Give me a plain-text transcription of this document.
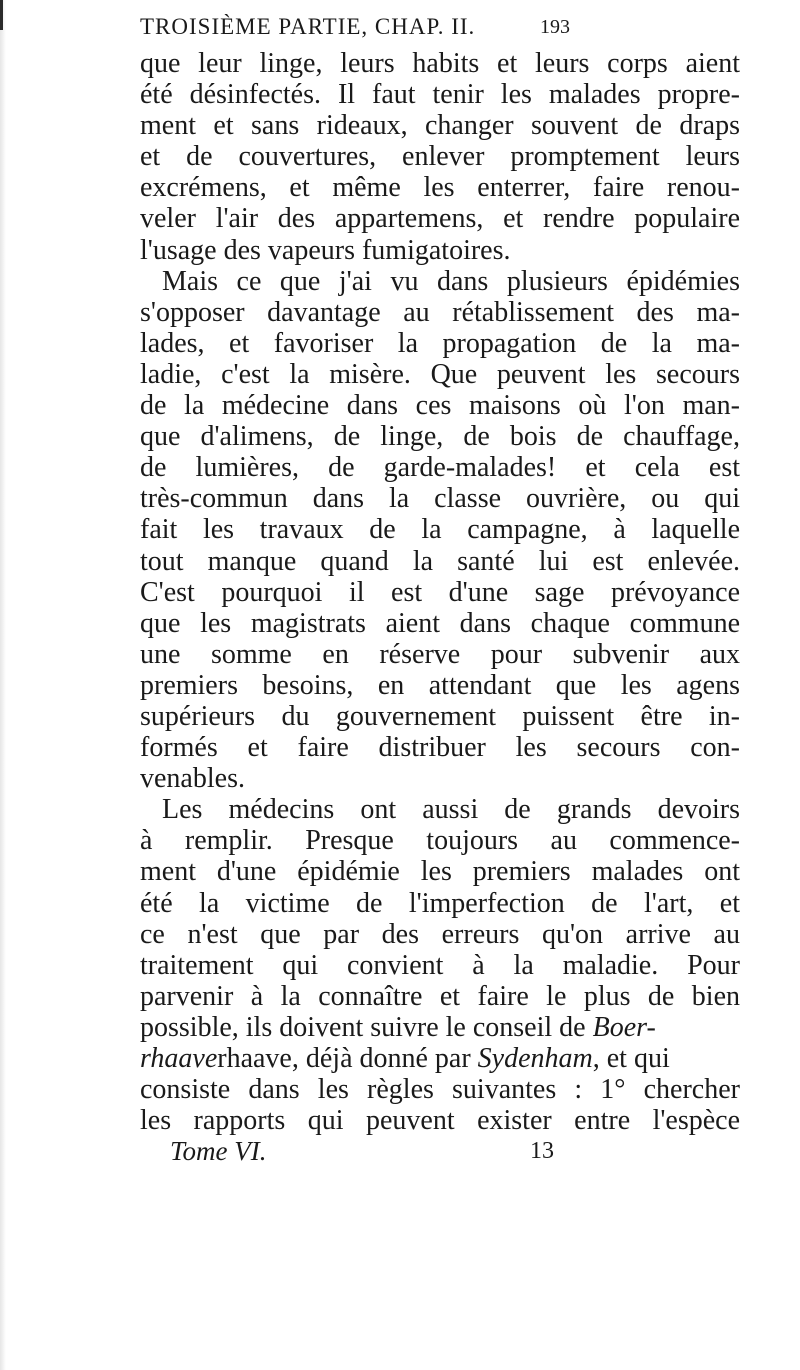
TROISIÈME PARTIE, CHAP. II.	193
que leur linge, leurs habits et leurs corps aient
été désinfectés. Il faut tenir les malades propre-
ment et sans rideaux, changer souvent de draps
et de couvertures, enlever promptement leurs
excrémens, et même les enterrer, faire renou-
veler l'air des appartemens, et rendre populaire
l'usage des vapeurs fumigatoires.
Mais ce que j'ai vu dans plusieurs épidémies
s'opposer davantage au rétablissement des ma-
lades, et favoriser la propagation de la ma-
ladie, c'est la misère. Que peuvent les secours
de la médecine dans ces maisons où l'on man-
que d'alimens, de linge, de bois de chauffage,
de lumières, de garde-malades! et cela est
très-commun dans la classe ouvrière, ou qui
fait les travaux de la campagne, à laquelle
tout manque quand la santé lui est enlevée.
C'est pourquoi il est d'une sage prévoyance
que les magistrats aient dans chaque commune
une somme en réserve pour subvenir aux
premiers besoins, en attendant que les agens
supérieurs du gouvernement puissent être in-
formés et faire distribuer les secours con-
venables.
Les médecins ont aussi de grands devoirs
à remplir. Presque toujours au commence-
ment d'une épidémie les premiers malades ont
été la victime de l'imperfection de l'art, et
ce n'est que par des erreurs qu'on arrive au
traitement qui convient à la maladie. Pour
parvenir à la connaître et faire le plus de bien
possible, ils doivent suivre le conseil de Boer-
rhaaverhaave, déjà donné par Sydenham, et qui
consiste dans les règles suivantes : 1° chercher
les rapports qui peuvent exister entre l'espèce
Tome VI.	13
